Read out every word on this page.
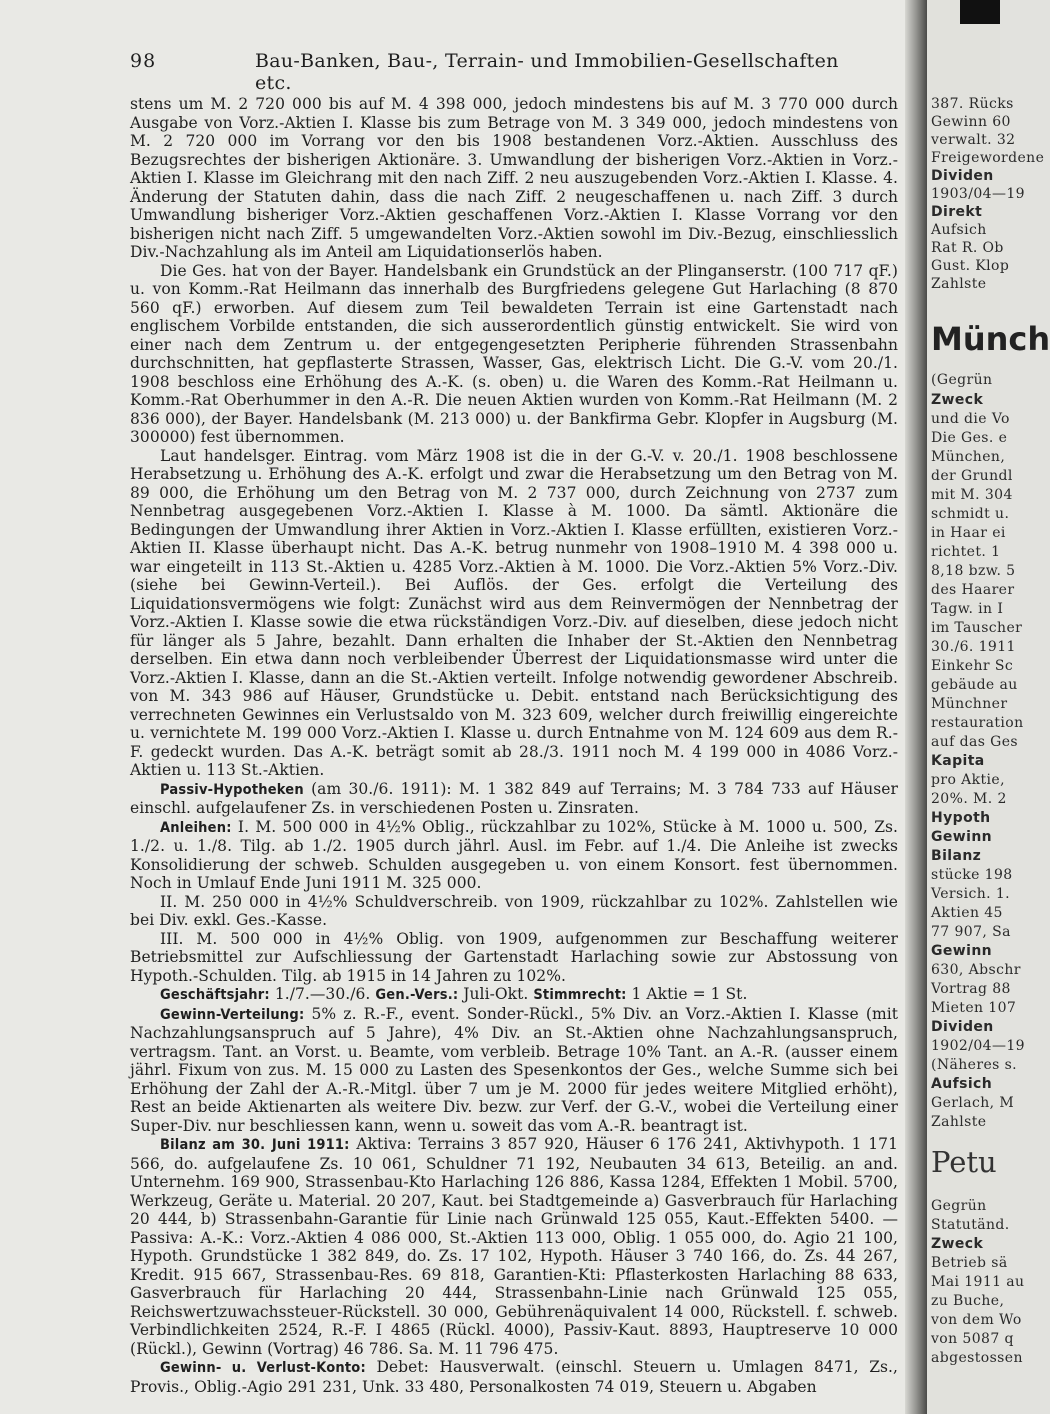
98	Bau-Banken, Bau-, Terrain- und Immobilien-Gesellschaften etc.

stens um M. 2 720 000 bis auf M. 4 398 000, jedoch mindestens bis auf M. 3 770 000 durch Ausgabe von Vorz.-Aktien I. Klasse bis zum Betrage von M. 3 349 000, jedoch mindestens von M. 2 720 000 im Vorrang vor den bis 1908 bestandenen Vorz.-Aktien. Ausschluss des Bezugsrechtes der bisherigen Aktionäre. 3. Umwandlung der bisherigen Vorz.-Aktien in Vorz.-Aktien I. Klasse im Gleichrang mit den nach Ziff. 2 neu auszugebenden Vorz.-Aktien I. Klasse. 4. Änderung der Statuten dahin, dass die nach Ziff. 2 neugeschaffenen u. nach Ziff. 3 durch Umwandlung bisheriger Vorz.-Aktien geschaffenen Vorz.-Aktien I. Klasse Vorrang vor den bisherigen nicht nach Ziff. 5 umgewandelten Vorz.-Aktien sowohl im Div.-Bezug, einschliesslich Div.-Nachzahlung als im Anteil am Liquidationserlös haben.

Die Ges. hat von der Bayer. Handelsbank ein Grundstück an der Plinganserstr. (100 717 qF.) u. von Komm.-Rat Heilmann das innerhalb des Burgfriedens gelegene Gut Harlaching (8 870 560 qF.) erworben. Auf diesem zum Teil bewaldeten Terrain ist eine Gartenstadt nach englischem Vorbilde entstanden, die sich ausserordentlich günstig entwickelt. Sie wird von einer nach dem Zentrum u. der entgegengesetzten Peripherie führenden Strassenbahn durchschnitten, hat gepflasterte Strassen, Wasser, Gas, elektrisch Licht. Die G.-V. vom 20./1. 1908 beschloss eine Erhöhung des A.-K. (s. oben) u. die Waren des Komm.-Rat Heilmann u. Komm.-Rat Oberhummer in den A.-R. Die neuen Aktien wurden von Komm.-Rat Heilmann (M. 2 836 000), der Bayer. Handelsbank (M. 213 000) u. der Bankfirma Gebr. Klopfer in Augsburg (M. 300000) fest übernommen.

Laut handelsger. Eintrag. vom März 1908 ist die in der G.-V. v. 20./1. 1908 beschlossene Herabsetzung u. Erhöhung des A.-K. erfolgt und zwar die Herabsetzung um den Betrag von M. 89 000, die Erhöhung um den Betrag von M. 2 737 000, durch Zeichnung von 2737 zum Nennbetrag ausgegebenen Vorz.-Aktien I. Klasse à M. 1000. Da sämtl. Aktionäre die Bedingungen der Umwandlung ihrer Aktien in Vorz.-Aktien I. Klasse erfüllten, existieren Vorz.-Aktien II. Klasse überhaupt nicht. Das A.-K. betrug nunmehr von 1908–1910 M. 4 398 000 u. war eingeteilt in 113 St.-Aktien u. 4285 Vorz.-Aktien à M. 1000. Die Vorz.-Aktien 5% Vorz.-Div. (siehe bei Gewinn-Verteil.). Bei Auflös. der Ges. erfolgt die Verteilung des Liquidationsvermögens wie folgt: Zunächst wird aus dem Reinvermögen der Nennbetrag der Vorz.-Aktien I. Klasse sowie die etwa rückständigen Vorz.-Div. auf dieselben, diese jedoch nicht für länger als 5 Jahre, bezahlt. Dann erhalten die Inhaber der St.-Aktien den Nennbetrag derselben. Ein etwa dann noch verbleibender Überrest der Liquidationsmasse wird unter die Vorz.-Aktien I. Klasse, dann an die St.-Aktien verteilt. Infolge notwendig gewordener Abschreib. von M. 343 986 auf Häuser, Grundstücke u. Debit. entstand nach Berücksichtigung des verrechneten Gewinnes ein Verlustsaldo von M. 323 609, welcher durch freiwillig eingereichte u. vernichtete M. 199 000 Vorz.-Aktien I. Klasse u. durch Entnahme von M. 124 609 aus dem R.-F. gedeckt wurden. Das A.-K. beträgt somit ab 28./3. 1911 noch M. 4 199 000 in 4086 Vorz.-Aktien u. 113 St.-Aktien.

Passiv-Hypotheken (am 30./6. 1911): M. 1 382 849 auf Terrains; M. 3 784 733 auf Häuser einschl. aufgelaufener Zs. in verschiedenen Posten u. Zinsraten.

Anleihen: I. M. 500 000 in 4½% Oblig., rückzahlbar zu 102%, Stücke à M. 1000 u. 500, Zs. 1./2. u. 1./8. Tilg. ab 1./2. 1905 durch jährl. Ausl. im Febr. auf 1./4. Die Anleihe ist zwecks Konsolidierung der schweb. Schulden ausgegeben u. von einem Konsort. fest übernommen. Noch in Umlauf Ende Juni 1911 M. 325 000.

II. M. 250 000 in 4½% Schuldverschreib. von 1909, rückzahlbar zu 102%. Zahlstellen wie bei Div. exkl. Ges.-Kasse.

III. M. 500 000 in 4½% Oblig. von 1909, aufgenommen zur Beschaffung weiterer Betriebsmittel zur Aufschliessung der Gartenstadt Harlaching sowie zur Abstossung von Hypoth.-Schulden. Tilg. ab 1915 in 14 Jahren zu 102%.

Geschäftsjahr: 1./7.—30./6. Gen.-Vers.: Juli-Okt. Stimmrecht: 1 Aktie = 1 St.

Gewinn-Verteilung: 5% z. R.-F., event. Sonder-Rückl., 5% Div. an Vorz.-Aktien I. Klasse (mit Nachzahlungsanspruch auf 5 Jahre), 4% Div. an St.-Aktien ohne Nachzahlungsanspruch, vertragsm. Tant. an Vorst. u. Beamte, vom verbleib. Betrage 10% Tant. an A.-R. (ausser einem jährl. Fixum von zus. M. 15 000 zu Lasten des Spesenkontos der Ges., welche Summe sich bei Erhöhung der Zahl der A.-R.-Mitgl. über 7 um je M. 2000 für jedes weitere Mitglied erhöht), Rest an beide Aktienarten als weitere Div. bezw. zur Verf. der G.-V., wobei die Verteilung einer Super-Div. nur beschliessen kann, wenn u. soweit das vom A.-R. beantragt ist.

Bilanz am 30. Juni 1911: Aktiva: Terrains 3 857 920, Häuser 6 176 241, Aktivhypoth. 1 171 566, do. aufgelaufene Zs. 10 061, Schuldner 71 192, Neubauten 34 613, Beteilig. an and. Unternehm. 169 900, Strassenbau-Kto Harlaching 126 886, Kassa 1284, Effekten 1 Mobil. 5700, Werkzeug, Geräte u. Material. 20 207, Kaut. bei Stadtgemeinde a) Gasverbrauch für Harlaching 20 444, b) Strassenbahn-Garantie für Linie nach Grünwald 125 055, Kaut.-Effekten 5400. — Passiva: A.-K.: Vorz.-Aktien 4 086 000, St.-Aktien 113 000, Oblig. 1 055 000, do. Agio 21 100, Hypoth. Grundstücke 1 382 849, do. Zs. 17 102, Hypoth. Häuser 3 740 166, do. Zs. 44 267, Kredit. 915 667, Strassenbau-Res. 69 818, Garantien-Kti: Pflasterkosten Harlaching 88 633, Gasverbrauch für Harlaching 20 444, Strassenbahn-Linie nach Grünwald 125 055, Reichswertzuwachssteuer-Rückstell. 30 000, Gebührenäquivalent 14 000, Rückstell. f. schweb. Verbindlichkeiten 2524, R.-F. I 4865 (Rückl. 4000), Passiv-Kaut. 8893, Hauptreserve 10 000 (Rückl.), Gewinn (Vortrag) 46 786. Sa. M. 11 796 475.

Gewinn- u. Verlust-Konto: Debet: Hausverwalt. (einschl. Steuern u. Umlagen 8471, Zs., Provis., Oblig.-Agio 291 231, Unk. 33 480, Personalkosten 74 019, Steuern u. Abgaben

387. Rücks
Gewinn 60
verwalt. 32
Freigewordene
Dividen
1903/04—19
Direkt
Aufsich
Rat R. Ob
Gust. Klop
Zahlste
Münch
(Gegrün
Zweck
und die Vo
Die Ges. e
München,
der Grundl
mit M. 304
schmidt u.
in Haar ei
richtet. 1
8,18 bzw. 5
des Haarer
Tagw. in I
im Tauscher
30./6. 1911
Einkehr Sc
gebäude au
Münchner
restauration
auf das Ges
Kapita
pro Aktie,
20%. M. 2
Hypoth
Gewinn
Bilanz
stücke 198
Versich. 1.
Aktien 45
77 907, Sa
Gewinn
630, Abschr
Vortrag 88
Mieten 107
Dividen
1902/04—19
(Näheres s.
Aufsich
Gerlach, M
Zahlste
Petu
Gegrün
Statutänd.
Zweck
Betrieb sä
Mai 1911 au
zu Buche,
von dem Wo
von 5087 q
abgestossen
